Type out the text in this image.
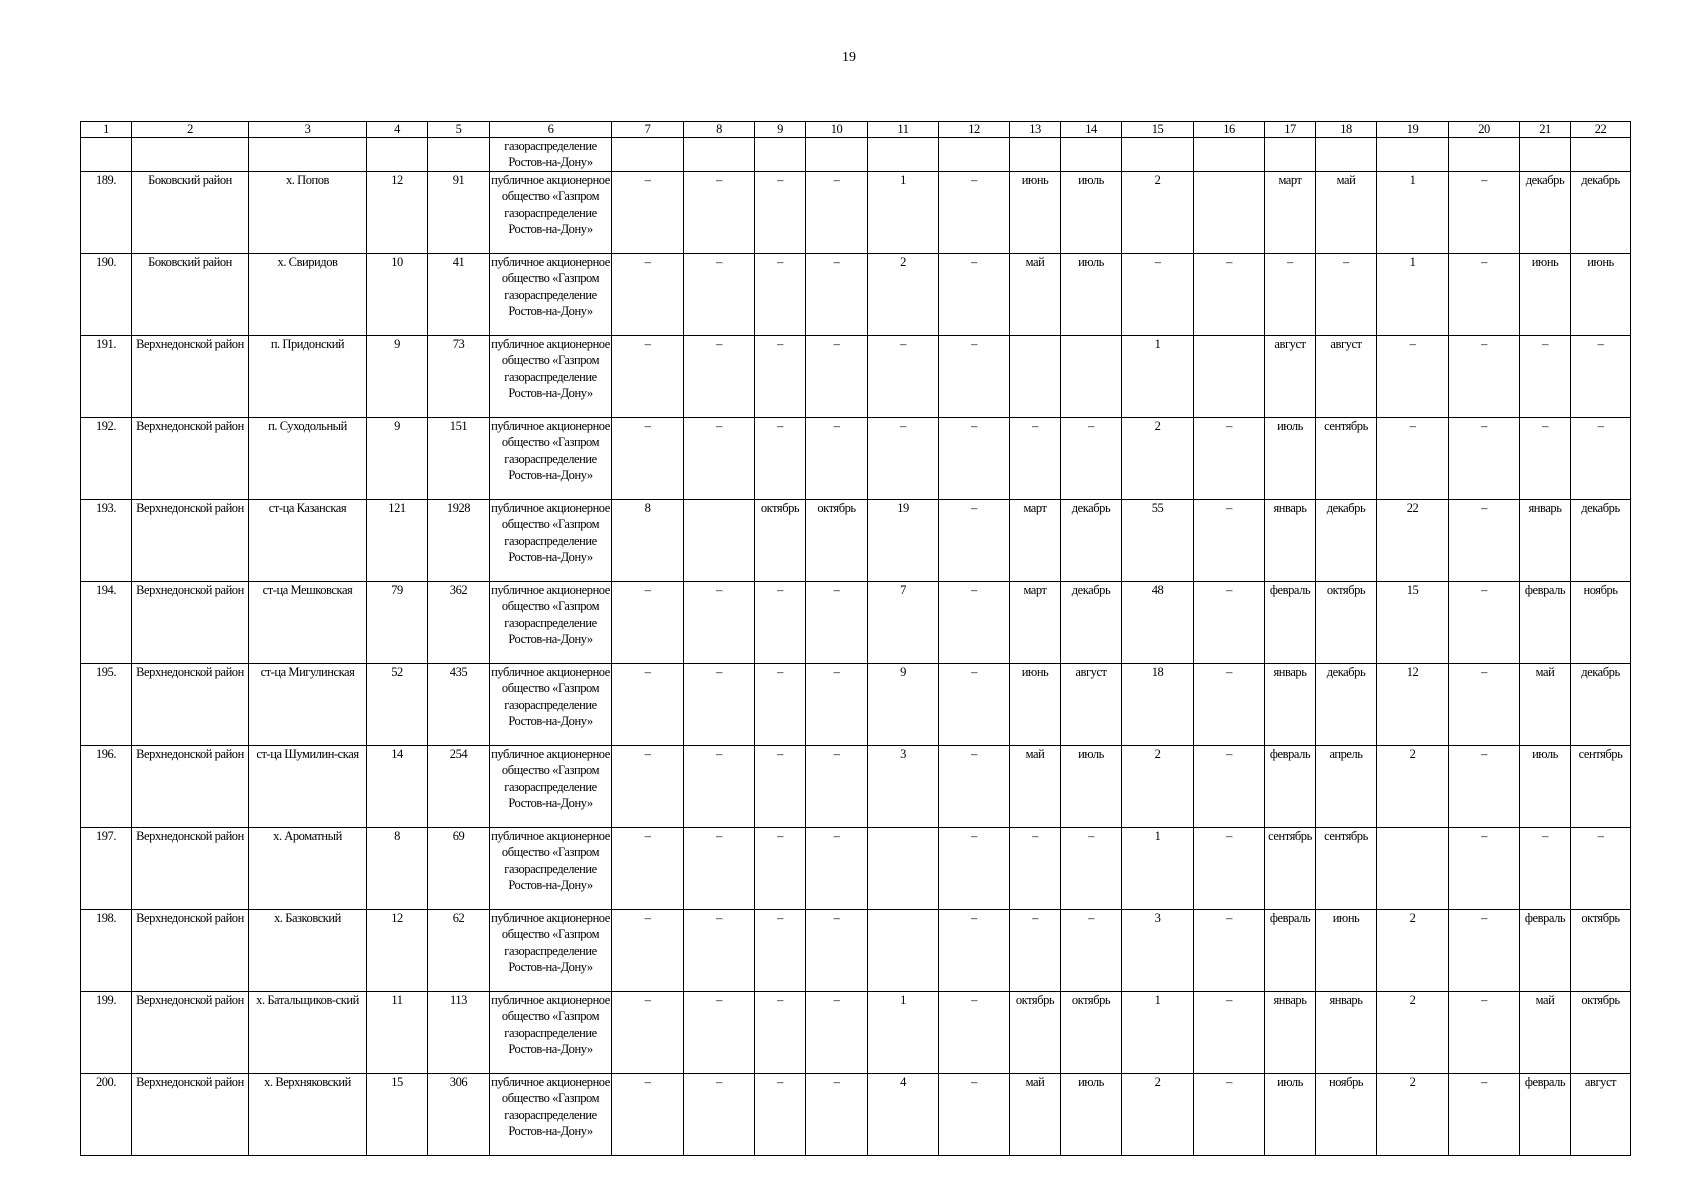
19
1	2	3	4	5	6	7	8	9	10	11	12	13	14	15	16	17	18	19	20	21	22
					газораспределение Ростов-на-Дону»																
189.	Боковский район	х. Попов	12	91	публичное акционерное общество «Газпром газораспределение Ростов-на-Дону»	–	–	–	–	1	–	июнь	июль	2		март	май	1	–	декабрь	декабрь
190.	Боковский район	х. Свиридов	10	41	публичное акционерное общество «Газпром газораспределение Ростов-на-Дону»	–	–	–	–	2	–	май	июль	–	–	–	–	1	–	июнь	июнь
191.	Верхнедонской район	п. Придонский	9	73	публичное акционерное общество «Газпром газораспределение Ростов-на-Дону»	–	–	–	–	–	–			1		август	август	–	–	–	–
192.	Верхнедонской район	п. Суходольный	9	151	публичное акционерное общество «Газпром газораспределение Ростов-на-Дону»	–	–	–	–	–	–	–	–	2	–	июль	сентябрь	–	–	–	–
193.	Верхнедонской район	ст-ца Казанская	121	1928	публичное акционерное общество «Газпром газораспределение Ростов-на-Дону»	8		октябрь	октябрь	19	–	март	декабрь	55	–	январь	декабрь	22	–	январь	декабрь
194.	Верхнедонской район	ст-ца Мешковская	79	362	публичное акционерное общество «Газпром газораспределение Ростов-на-Дону»	–	–	–	–	7	–	март	декабрь	48	–	февраль	октябрь	15	–	февраль	ноябрь
195.	Верхнедонской район	ст-ца Мигулинская	52	435	публичное акционерное общество «Газпром газораспределение Ростов-на-Дону»	–	–	–	–	9	–	июнь	август	18	–	январь	декабрь	12	–	май	декабрь
196.	Верхнедонской район	ст-ца Шумилин-ская	14	254	публичное акционерное общество «Газпром газораспределение Ростов-на-Дону»	–	–	–	–	3	–	май	июль	2	–	февраль	апрель	2	–	июль	сентябрь
197.	Верхнедонской район	х. Ароматный	8	69	публичное акционерное общество «Газпром газораспределение Ростов-на-Дону»	–	–	–	–		–	–	–	1	–	сентябрь	сентябрь		–	–	–
198.	Верхнедонской район	х. Базковский	12	62	публичное акционерное общество «Газпром газораспределение Ростов-на-Дону»	–	–	–	–		–	–	–	3	–	февраль	июнь	2	–	февраль	октябрь
199.	Верхнедонской район	х. Батальщиков-ский	11	113	публичное акционерное общество «Газпром газораспределение Ростов-на-Дону»	–	–	–	–	1	–	октябрь	октябрь	1	–	январь	январь	2	–	май	октябрь
200.	Верхнедонской район	х. Верхняковский	15	306	публичное акционерное общество «Газпром газораспределение Ростов-на-Дону»	–	–	–	–	4	–	май	июль	2	–	июль	ноябрь	2	–	февраль	август
